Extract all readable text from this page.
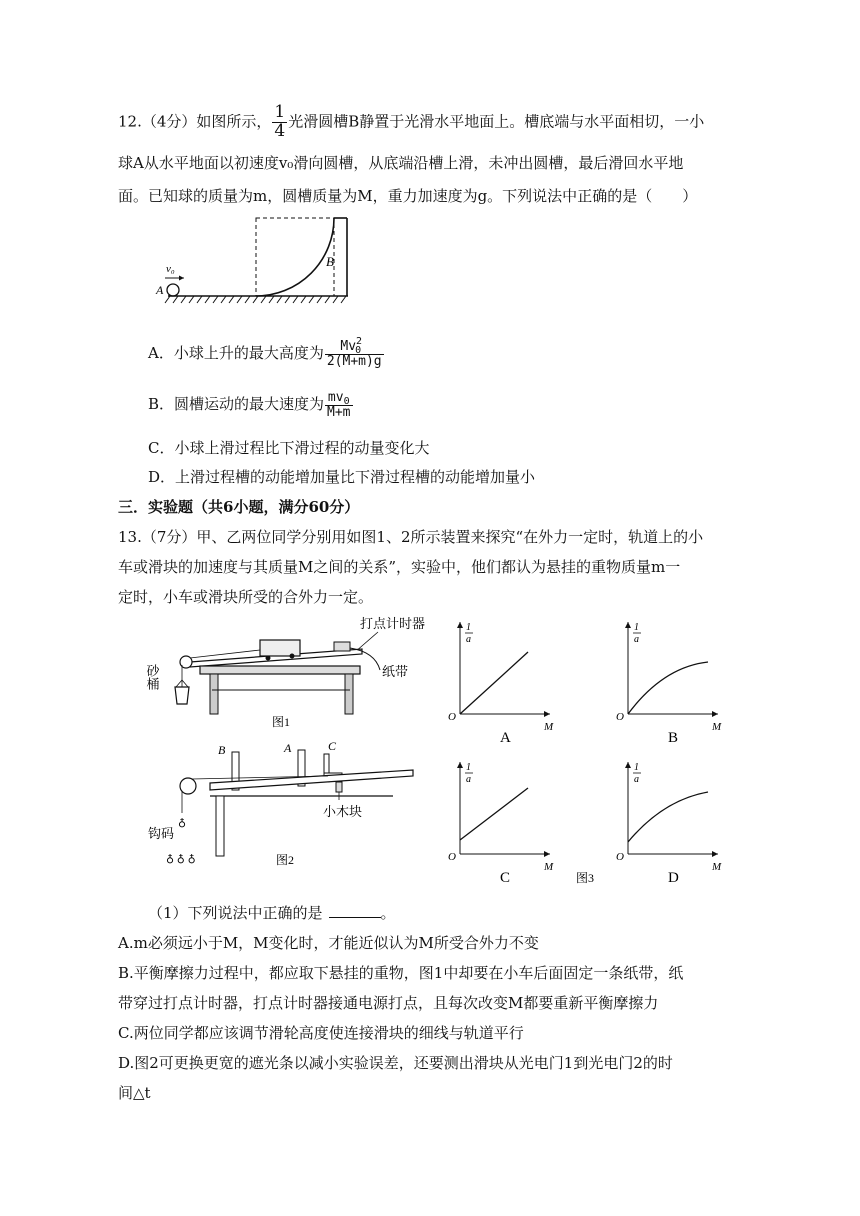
12.（4分）如图所示， $\frac{1}{4}$ 光滑圆槽B静置于光滑水平地面上。槽底端与水平面相切，一小
球A从水平地面以初速度v₀滑向圆槽，从底端沿槽上滑，未冲出圆槽，最后滑回水平地
面。已知球的质量为m，圆槽质量为M，重力加速度为g。下列说法中正确的是（　　）
A
v₀	B
A．小球上升的最大高度为 $\frac{Mv^2_0}{2(M+m)g}$
B．圆槽运动的最大速度为 $\frac{mv_0}{M+m}$
C．小球上滑过程比下滑过程的动量变化大
D．上滑过程槽的动能增加量比下滑过程槽的动能增加量小
三．实验题（共6小题，满分60分）
13.（7分）甲、乙两位同学分别用如图1、2所示装置来探究“在外力一定时，轨道上的小
车或滑块的加速度与其质量M之间的关系”，实验中，他们都认为悬挂的重物质量m一
定时，小车或滑块所受的合外力一定。
打点计时器
纸带
砂桶
图1
B	A	C
小木块
♁
钩码
♁ ♁ ♁	图2
1
a
O
M
A
1
a
O
M
B
1
a
O
M
C	图3
1
a
O
M
D
（1）下列说法中正确的是	。
A.m必须远小于M，M变化时，才能近似认为M所受合外力不变
B.平衡摩擦力过程中，都应取下悬挂的重物，图1中却要在小车后面固定一条纸带，纸
带穿过打点计时器，打点计时器接通电源打点，且每次改变M都要重新平衡摩擦力
C.两位同学都应该调节滑轮高度使连接滑块的细线与轨道平行
D.图2可更换更宽的遮光条以减小实验误差，还要测出滑块从光电门1到光电门2的时
间△t
